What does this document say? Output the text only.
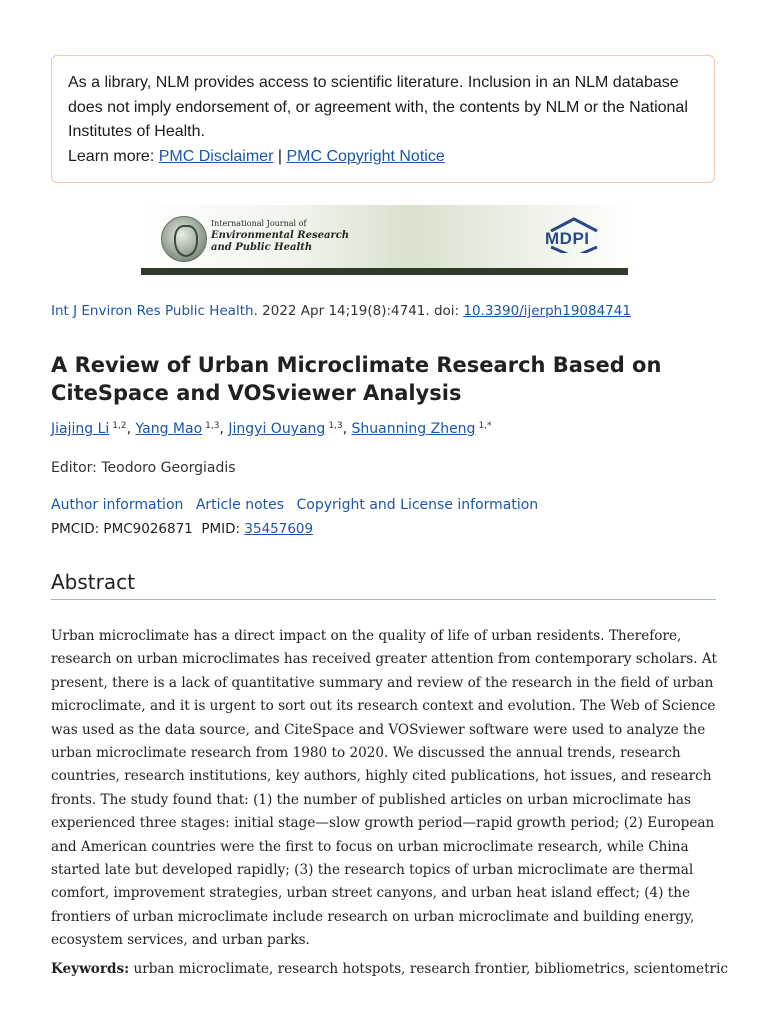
As a library, NLM provides access to scientific literature. Inclusion in an NLM database does not imply endorsement of, or agreement with, the contents by NLM or the National Institutes of Health.
Learn more: PMC Disclaimer | PMC Copyright Notice
International Journal of
Environmental Research
and Public Health	MDPI
Int J Environ Res Public Health. 2022 Apr 14;19(8):4741. doi: 10.3390/ijerph19084741
A Review of Urban Microclimate Research Based on CiteSpace and VOSviewer Analysis
Jiajing Li $^{1,2}$, Yang Mao $^{1,3}$, Jingyi Ouyang $^{1,3}$, Shuanning Zheng $^{1,*}$
Editor: Teodoro Georgiadis
Author information Article notes Copyright and License information
PMCID: PMC9026871 PMID: 35457609
Abstract

Urban microclimate has a direct impact on the quality of life of urban residents. Therefore, research on urban microclimates has received greater attention from contemporary scholars. At present, there is a lack of quantitative summary and review of the research in the field of urban microclimate, and it is urgent to sort out its research context and evolution. The Web of Science was used as the data source, and CiteSpace and VOSviewer software were used to analyze the urban microclimate research from 1980 to 2020. We discussed the annual trends, research countries, research institutions, key authors, highly cited publications, hot issues, and research fronts. The study found that: (1) the number of published articles on urban microclimate has experienced three stages: initial stage—slow growth period—rapid growth period; (2) European and American countries were the first to focus on urban microclimate research, while China started late but developed rapidly; (3) the research topics of urban microclimate are thermal comfort, improvement strategies, urban street canyons, and urban heat island effect; (4) the frontiers of urban microclimate include research on urban microclimate and building energy, ecosystem services, and urban parks.

Keywords: urban microclimate, research hotspots, research frontier, bibliometrics, scientometric
